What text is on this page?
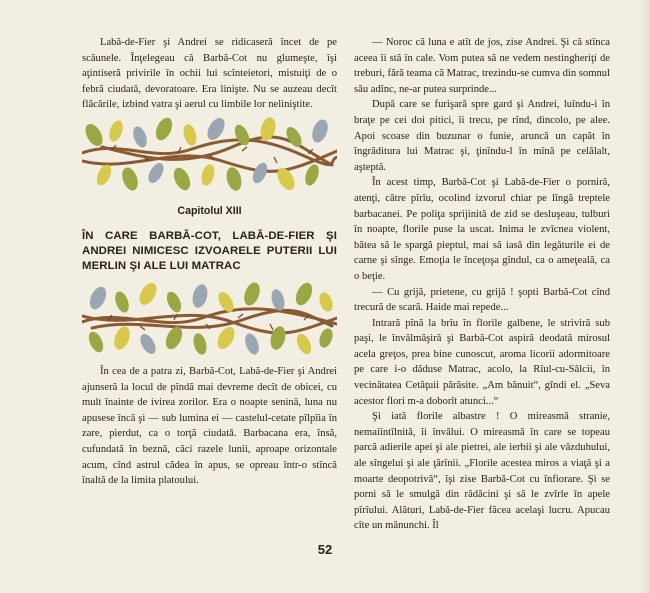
Labă-de-Fier şi Andrei se ridicaseră încet de pe scăunele. Înţelegeau că Barbă-Cot nu glumeşte, îşi aţintiseră privirile în ochii lui scînteietori, mistuiţi de o febră ciudată, devoratoare. Era linişte. Nu se auzeau decît flăcările, izbind vatra şi aerul cu limbile lor neliniştite.

Capitolul XIII
ÎN CARE BARBĂ-COT, LABĂ-DE-FIER ŞI
ANDREI NIMICESC IZVOARELE PUTERII LUI
MERLIN ŞI ALE LUI MATRAC

În cea de a patra zi, Barbă-Cot, Labă-de-Fier şi Andrei ajunseră la locul de pîndă mai devreme decît de obicei, cu mult înainte de ivirea zorilor. Era o noapte senină, luna nu apusese încă şi — sub lumina ei — castelul-cetate pîlpîia în zare, pierdut, ca o torţă ciudată. Barbacana era, însă, cufundată în beznă, căci razele lunii, aproape orizontale acum, cînd astrul cădea în apus, se opreau într-o stîncă înaltă de la limita platoului.

— Noroc că luna e atît de jos, zise Andrei. Şi că stînca aceea îi stă în cale. Vom putea să ne vedem nestingheriţi de treburi, fără teama că Matrac, trezindu-se cumva din somnul său adînc, ne-ar putea surprinde...

După care se furişară spre gard şi Andrei, luîndu-i în braţe pe cei doi pitici, îi trecu, pe rînd, dincolo, pe alee. Apoi scoase din buzunar o funie, aruncă un capăt în îngrăditura lui Matrac şi, ţinîndu-l în mînă pe celălalt, aşteptă.

În acest timp, Barbă-Cot şi Labă-de-Fier o porniră, atenţi, către pîrîu, ocolind izvorul chiar pe lîngă treptele barbacanei. Pe poliţa sprijinită de zid se desluşeau, tulburi în noapte, florile puse la uscat. Inima le zvîcnea violent, bătea să le spargă pieptul, mai să iasă din legăturile ei de carne şi sînge. Emoţia le înceţoşa gîndul, ca o ameţeală, ca o beţie.

— Cu grijă, prietene, cu grijă ! şopti Barbă-Cot cînd trecură de scară. Haide mai repede...

Intrară pînă la brîu în florile galbene, le striviră sub paşi, le învălmăşiră şi Barbă-Cot aspiră deodată mirosul acela greţos, prea bine cunoscut, aroma licorii adormitoare pe care i-o dăduse Matrac, acolo, la Rîul-cu-Sălcii, în vecinătatea Cetăţuii părăsite. „Am bănuit“, gîndi el. „Seva acestor flori m-a doborît atunci...“

Şi iată florile albastre ! O mireasmă stranie, nemaiîntîlnită, îi învălui. O mireasmă în care se topeau parcă adierile apei şi ale pietrei, ale ierbii şi ale văzduhului, ale sîngelui şi ale ţărînii. „Florile acestea miros a viaţă şi a moarte deopotrivă“, îşi zise Barbă-Cot cu înfiorare. Şi se porni să le smulgă din rădăcini şi să le zvîrle în apele pîrîului. Alături, Labă-de-Fier făcea acelaşi lucru. Apucau cîte un mănunchi. Îl

52
